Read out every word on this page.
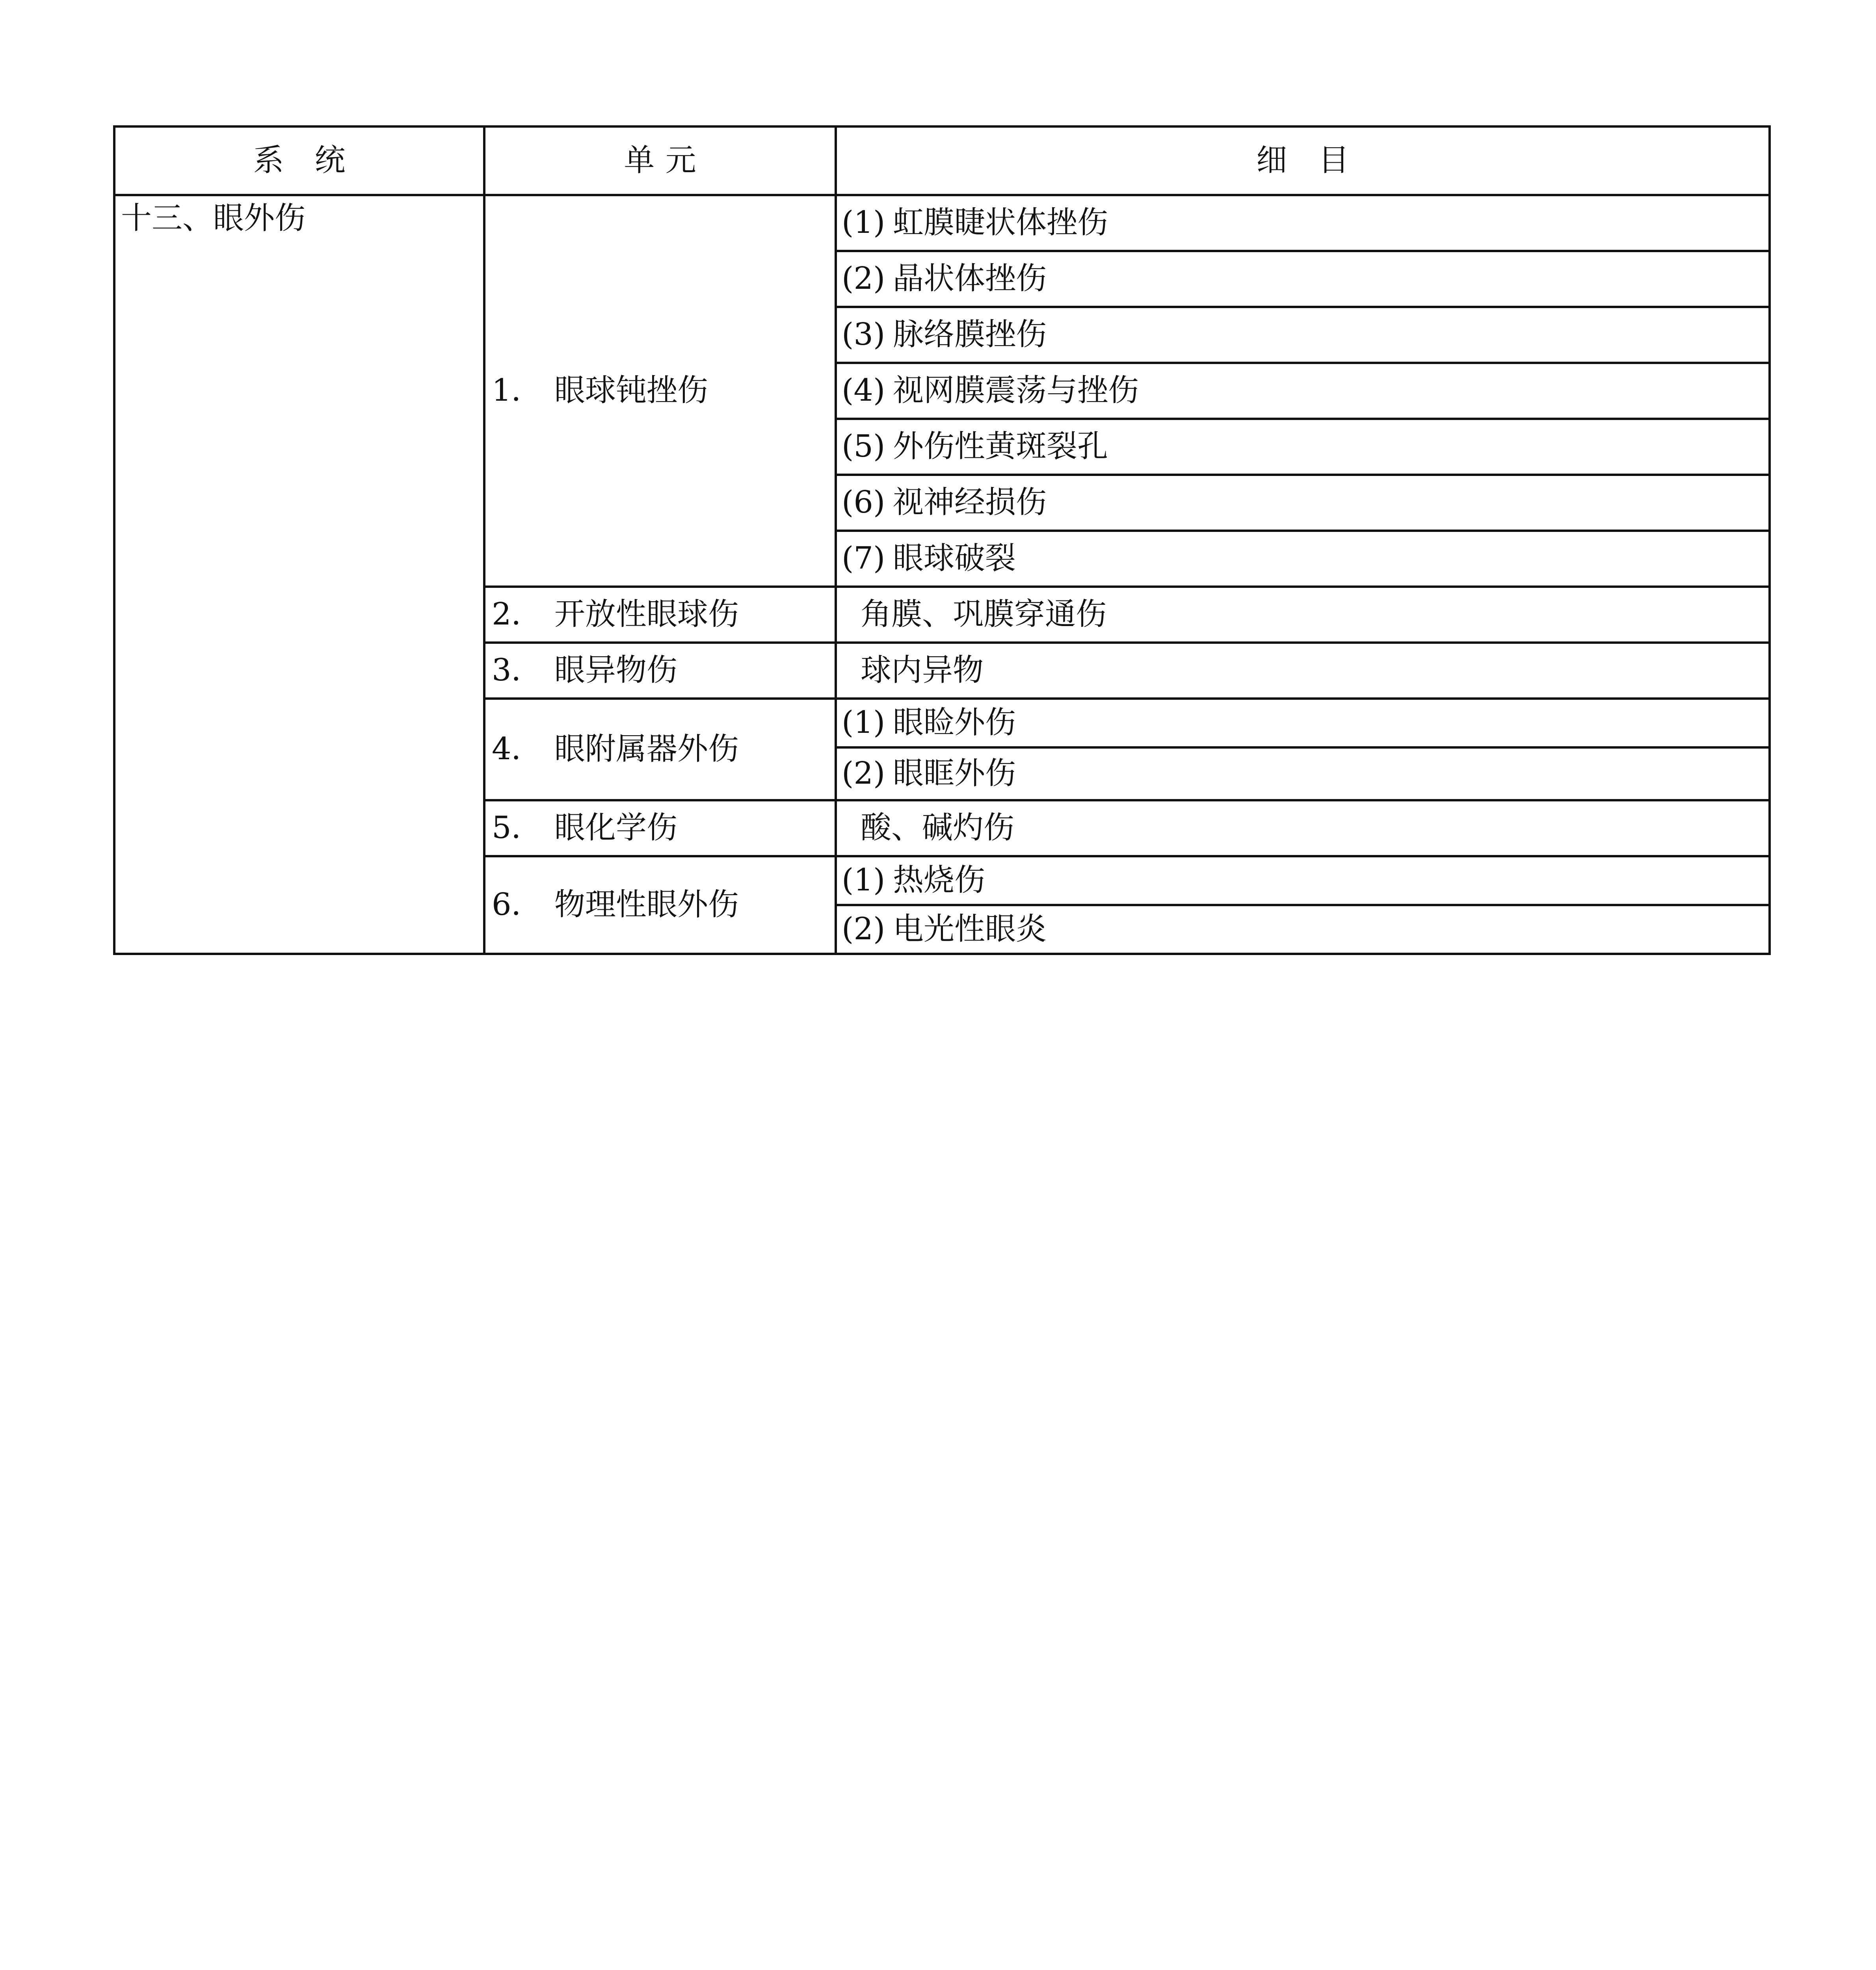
系　统	单元	细 目
十三、眼外伤	1． 眼球钝挫伤	(1) 虹膜睫状体挫伤
		(2) 晶状体挫伤
		(3) 脉络膜挫伤
		(4) 视网膜震荡与挫伤
		(5) 外伤性黄斑裂孔
		(6) 视神经损伤
		(7) 眼球破裂
	2． 开放性眼球伤	角膜、巩膜穿通伤
	3． 眼异物伤	球内异物
	4． 眼附属器外伤	(1) 眼睑外伤
		(2) 眼眶外伤
	5． 眼化学伤	酸、碱灼伤
	6． 物理性眼外伤	(1) 热烧伤
		(2) 电光性眼炎
